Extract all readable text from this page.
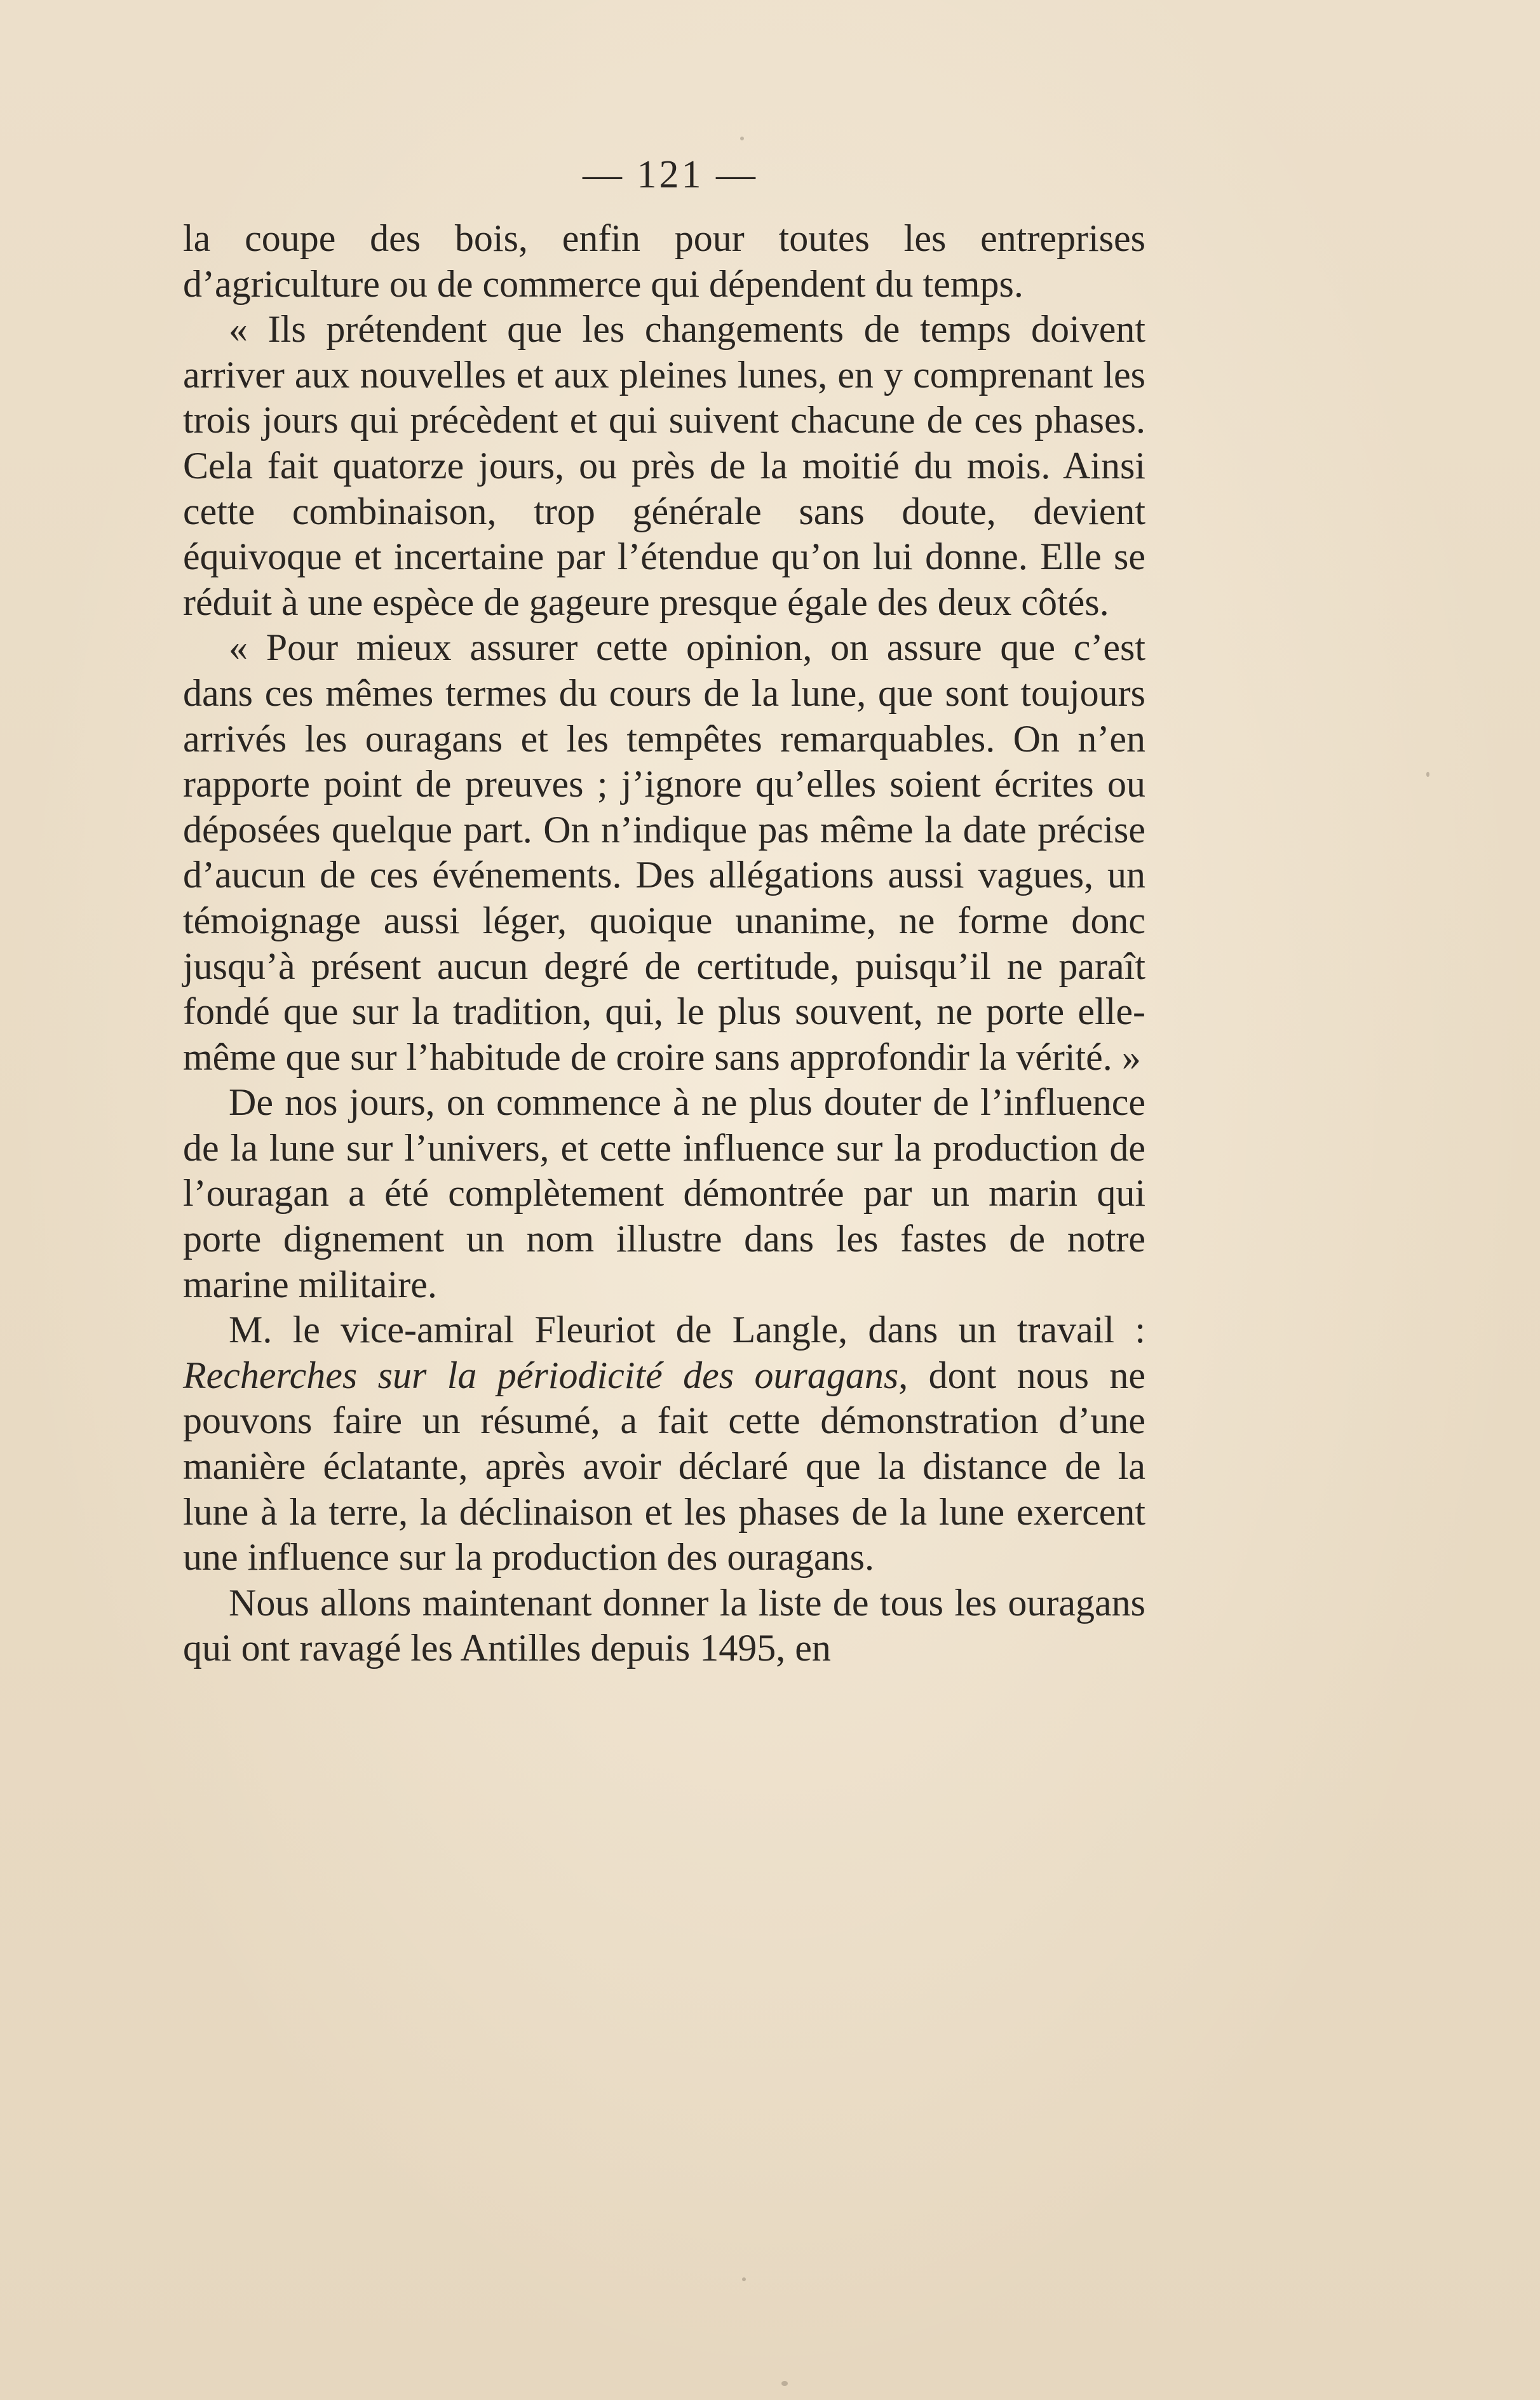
— 121 —

la coupe des bois, enfin pour toutes les entreprises d’agriculture ou de commerce qui dépendent du temps.

« Ils prétendent que les changements de temps doivent arriver aux nouvelles et aux pleines lunes, en y comprenant les trois jours qui précèdent et qui suivent chacune de ces phases. Cela fait quatorze jours, ou près de la moitié du mois. Ainsi cette combinaison, trop générale sans doute, devient équivoque et incertaine par l’étendue qu’on lui donne. Elle se réduit à une espèce de gageure presque égale des deux côtés.

« Pour mieux assurer cette opinion, on assure que c’est dans ces mêmes termes du cours de la lune, que sont toujours arrivés les ouragans et les tempêtes remarquables. On n’en rapporte point de preuves ; j’ignore qu’elles soient écrites ou déposées quelque part. On n’indique pas même la date précise d’aucun de ces événements. Des allégations aussi vagues, un témoignage aussi léger, quoique unanime, ne forme donc jusqu’à présent aucun degré de certitude, puisqu’il ne paraît fondé que sur la tradition, qui, le plus souvent, ne porte elle-même que sur l’habitude de croire sans approfondir la vérité. »

De nos jours, on commence à ne plus douter de l’influence de la lune sur l’univers, et cette influence sur la production de l’ouragan a été complètement démontrée par un marin qui porte dignement un nom illustre dans les fastes de notre marine militaire.

M. le vice-amiral Fleuriot de Langle, dans un travail : Recherches sur la périodicité des ouragans, dont nous ne pouvons faire un résumé, a fait cette démonstration d’une manière éclatante, après avoir déclaré que la distance de la lune à la terre, la déclinaison et les phases de la lune exercent une influence sur la production des ouragans.

Nous allons maintenant donner la liste de tous les ouragans qui ont ravagé les Antilles depuis 1495, en
